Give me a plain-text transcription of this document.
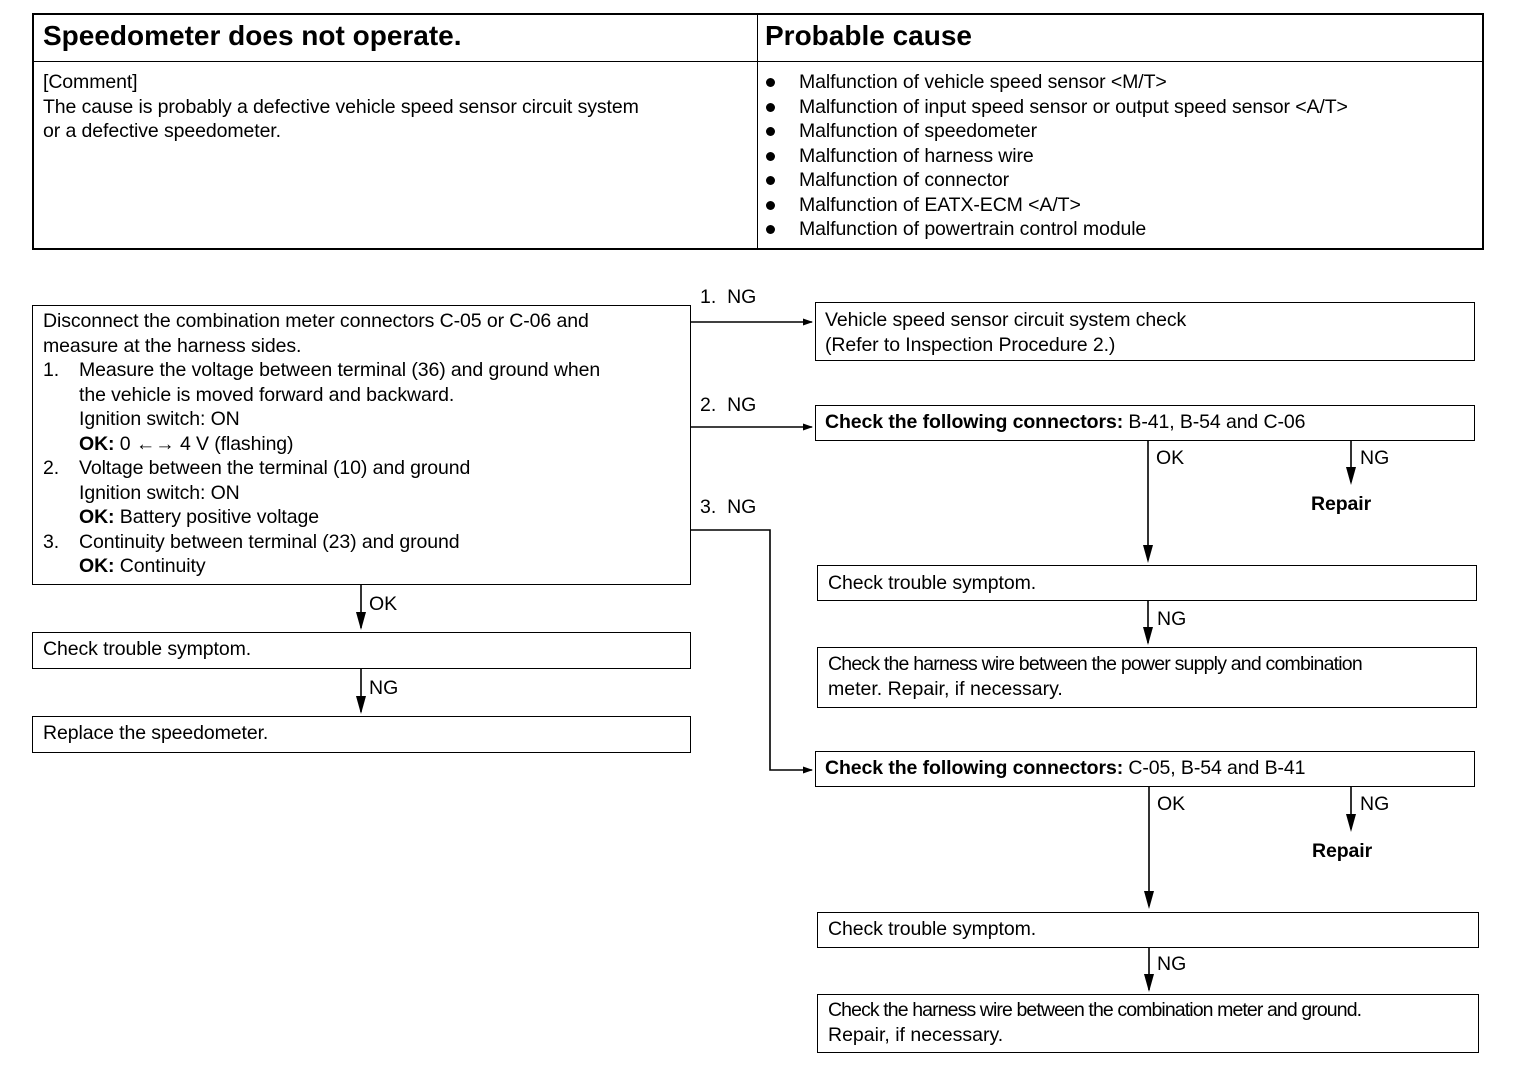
Speedometer does not operate.	Probable cause
[Comment]
The cause is probably a defective vehicle speed sensor circuit system
or a defective speedometer.
Malfunction of vehicle speed sensor <M/T>
Malfunction of input speed sensor or output speed sensor <A/T>
Malfunction of speedometer
Malfunction of harness wire
Malfunction of connector
Malfunction of EATX-ECM <A/T>
Malfunction of powertrain control module
Disconnect the combination meter connectors C-05 or C-06 and
measure at the harness sides.
1. Measure the voltage between terminal (36) and ground when
the vehicle is moved forward and backward.
Ignition switch: ON
OK: 0 ←→ 4 V (flashing)
2. Voltage between the terminal (10) and ground
Ignition switch: ON
OK: Battery positive voltage
3. Continuity between terminal (23) and ground
OK: Continuity
1.  NG
2.  NG
3.  NG
OK
Check trouble symptom.
NG
Replace the speedometer.
Vehicle speed sensor circuit system check
(Refer to Inspection Procedure 2.)
Check the following connectors: B-41, B-54 and C-06
OK	NG
Repair
Check trouble symptom.
NG
Check the harness wire between the power supply and combination
meter. Repair, if necessary.
Check the following connectors: C-05, B-54 and B-41
OK	NG
Repair
Check trouble symptom.
NG
Check the harness wire between the combination meter and ground.
Repair, if necessary.
